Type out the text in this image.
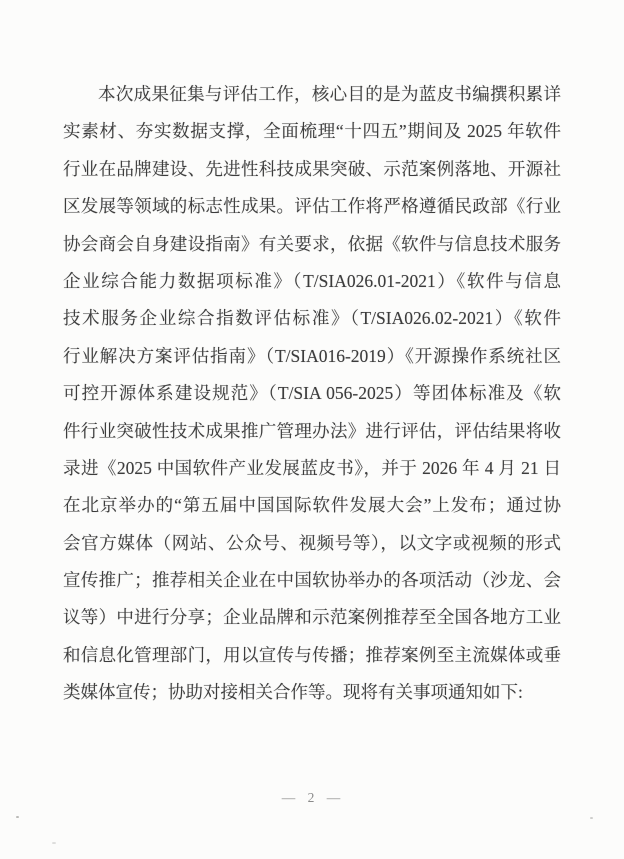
本次成果征集与评估工作，核心目的是为蓝皮书编撰积累详
实素材、夯实数据支撑，全面梳理“十四五”期间及 2025 年软件
行业在品牌建设、先进性科技成果突破、示范案例落地、开源社
区发展等领域的标志性成果。评估工作将严格遵循民政部《行业
协会商会自身建设指南》有关要求，依据《软件与信息技术服务
企业综合能力数据项标准》（T/SIA026.01-2021）《软件与信息
技术服务企业综合指数评估标准》（T/SIA026.02-2021）《软件
行业解决方案评估指南》（T/SIA016-2019）《开源操作系统社区
可控开源体系建设规范》（T/SIA 056-2025）等团体标准及《软
件行业突破性技术成果推广管理办法》进行评估，评估结果将收
录进《2025 中国软件产业发展蓝皮书》，并于 2026 年 4 月 21 日
在北京举办的“第五届中国国际软件发展大会”上发布；通过协
会官方媒体（网站、公众号、视频号等），以文字或视频的形式
宣传推广；推荐相关企业在中国软协举办的各项活动（沙龙、会
议等）中进行分享；企业品牌和示范案例推荐至全国各地方工业
和信息化管理部门，用以宣传与传播；推荐案例至主流媒体或垂
类媒体宣传；协助对接相关合作等。现将有关事项通知如下:
— 2 —
